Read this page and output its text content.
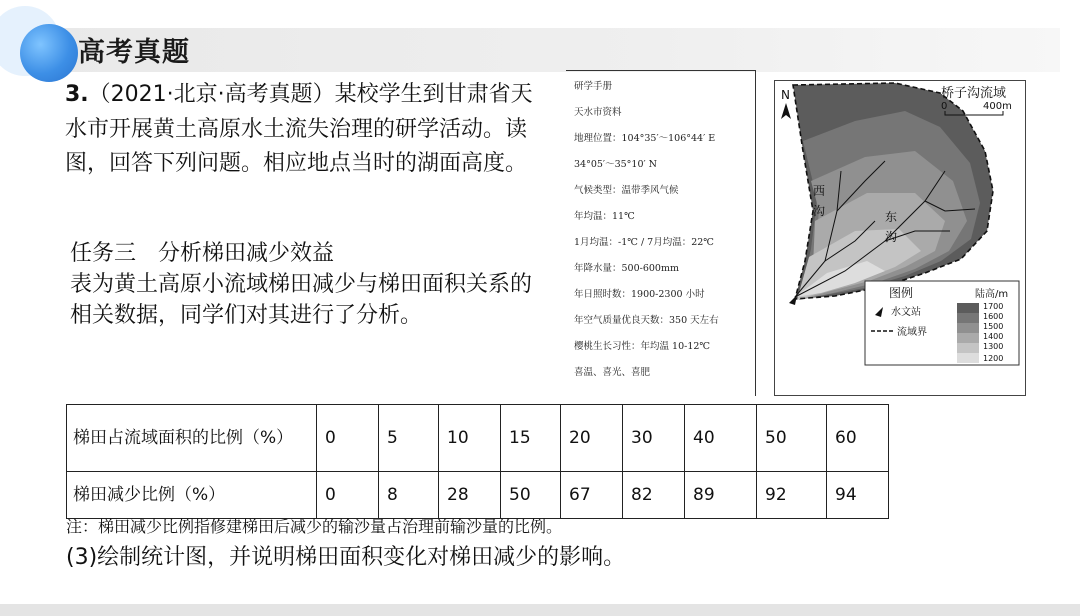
高考真题
3.（2021·北京·高考真题）某校学生到甘肃省天水市开展黄土高原水土流失治理的研学活动。读图，回答下列问题。相应地点当时的湖面高度。
任务三　分析梯田减少效益
表为黄土高原小流域梯田减少与梯田面积关系的相关数据，同学们对其进行了分析。
研学手册
天水市资料
地理位置：104°35′～106°44′ E
34°05′～35°10′ N
气候类型：温带季风气候
年均温：11℃
1月均温：-1℃ / 7月均温：22℃
年降水量：500-600mm
年日照时数：1900-2300 小时
年空气质量优良天数：350 天左右
樱桃生长习性：年均温 10-12℃
喜温、喜光、喜肥
N	桥子沟流域
0	400m
西
沟	东
沟
图例	陆高/m
水文站
流域界
1700
1600
1500
1400
1300
1200
梯田占流域面积的比例（%）	0	5	10	15	20	30	40	50	60
梯田减少比例（%）	0	8	28	50	67	82	89	92	94
注：梯田减少比例指修建梯田后减少的输沙量占治理前输沙量的比例。
(3)绘制统计图，并说明梯田面积变化对梯田减少的影响。
